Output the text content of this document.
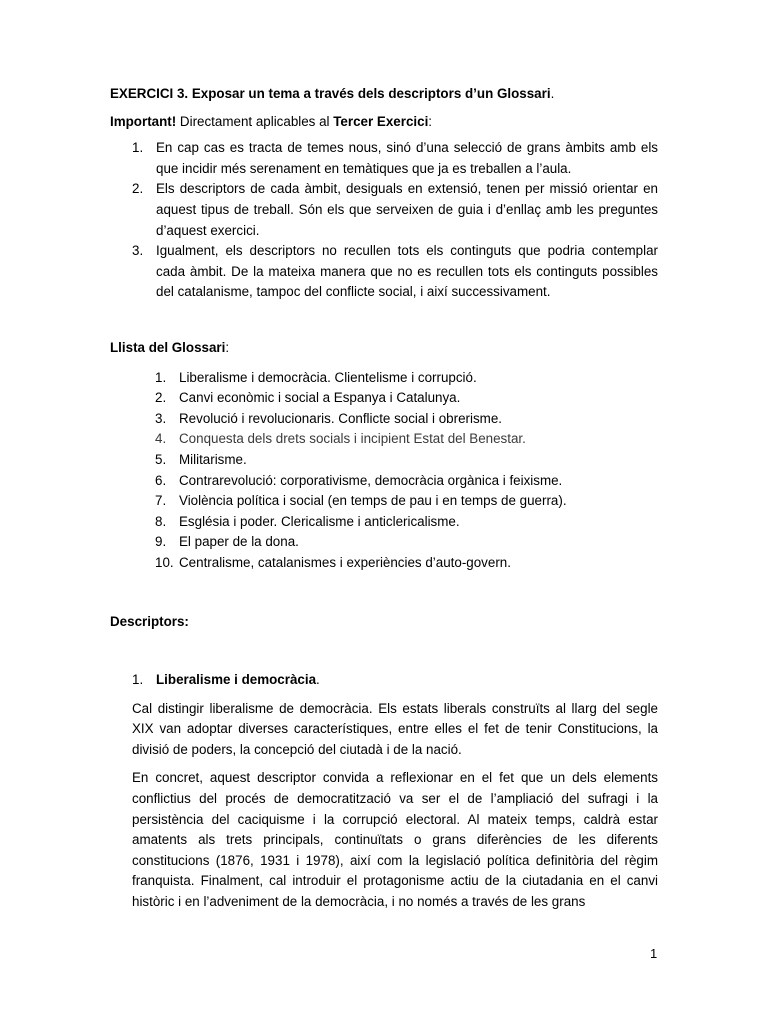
EXERCICI 3. Exposar un tema a través dels descriptors d’un Glossari.

Important! Directament aplicables al Tercer Exercici:

1. En cap cas es tracta de temes nous, sinó d’una selecció de grans àmbits amb els que incidir més serenament en temàtiques que ja es treballen a l’aula.
2. Els descriptors de cada àmbit, desiguals en extensió, tenen per missió orientar en aquest tipus de treball. Són els que serveixen de guia i d’enllaç amb les preguntes d’aquest exercici.
3. Igualment, els descriptors no recullen tots els continguts que podria contemplar cada àmbit. De la mateixa manera que no es recullen tots els continguts possibles del catalanisme, tampoc del conflicte social, i així successivament.

Llista del Glossari:

1. Liberalisme i democràcia. Clientelisme i corrupció.
2. Canvi econòmic i social a Espanya i Catalunya.
3. Revolució i revolucionaris. Conflicte social i obrerisme.
4. Conquesta dels drets socials i incipient Estat del Benestar.
5. Militarisme.
6. Contrarevolució: corporativisme, democràcia orgànica i feixisme.
7. Violència política i social (en temps de pau i en temps de guerra).
8. Església i poder. Clericalisme i anticlericalisme.
9. El paper de la dona.
10. Centralisme, catalanismes i experiències d’auto-govern.

Descriptors:

1. Liberalisme i democràcia.

Cal distingir liberalisme de democràcia. Els estats liberals construïts al llarg del segle XIX van adoptar diverses característiques, entre elles el fet de tenir Constitucions, la divisió de poders, la concepció del ciutadà i de la nació.

En concret, aquest descriptor convida a reflexionar en el fet que un dels elements conflictius del procés de democratització va ser el de l’ampliació del sufragi i la persistència del caciquisme i la corrupció electoral. Al mateix temps, caldrà estar amatents als trets principals, continuïtats o grans diferències de les diferents constitucions (1876, 1931 i 1978), així com la legislació política definitòria del règim franquista. Finalment, cal introduir el protagonisme actiu de la ciutadania en el canvi històric i en l’adveniment de la democràcia, i no només a través de les grans

1
